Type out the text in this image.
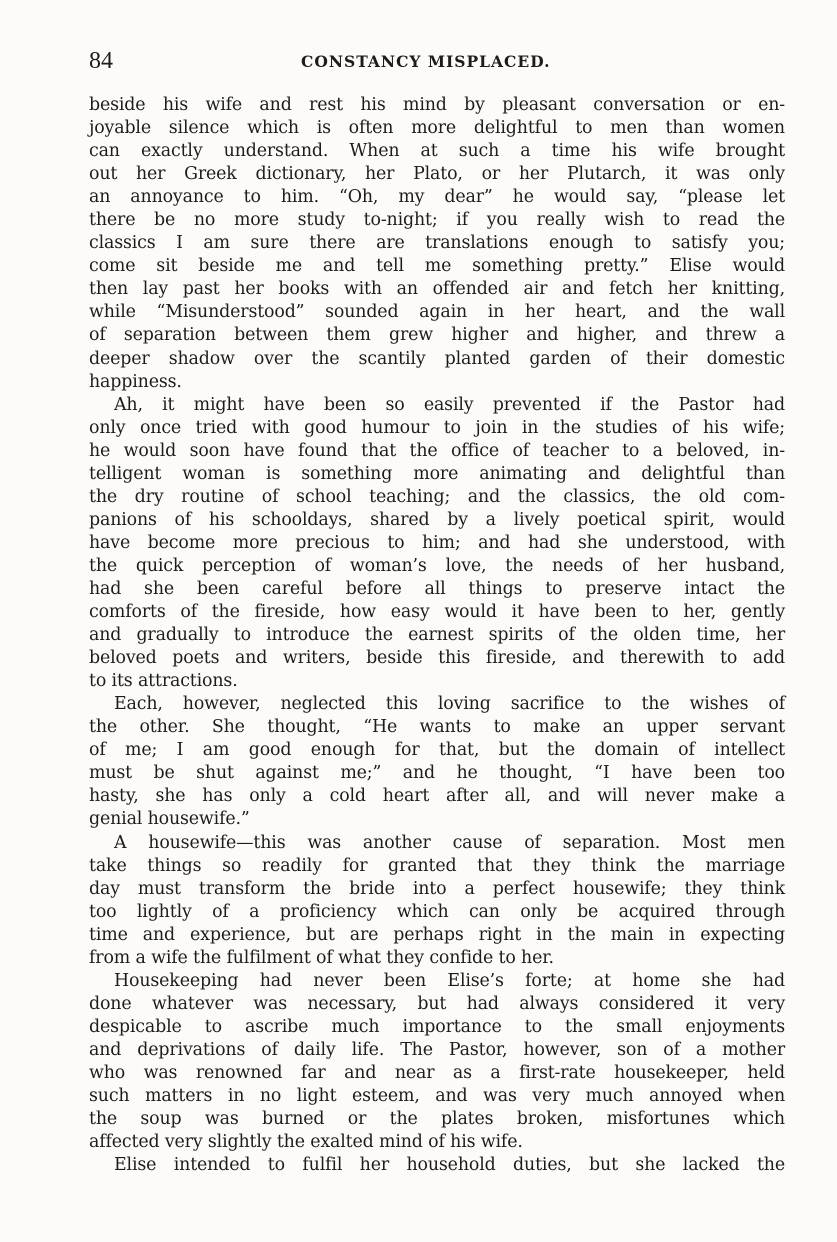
84	CONSTANCY MISPLACED.
beside his wife and rest his mind by pleasant conversation or en-
joyable silence which is often more delightful to men than women
can exactly understand. When at such a time his wife brought
out her Greek dictionary, her Plato, or her Plutarch, it was only
an annoyance to him. “Oh, my dear” he would say, “please let
there be no more study to-night; if you really wish to read the
classics I am sure there are translations enough to satisfy you;
come sit beside me and tell me something pretty.” Elise would
then lay past her books with an offended air and fetch her knitting,
while “Misunderstood” sounded again in her heart, and the wall
of separation between them grew higher and higher, and threw a
deeper shadow over the scantily planted garden of their domestic
happiness.
Ah, it might have been so easily prevented if the Pastor had
only once tried with good humour to join in the studies of his wife;
he would soon have found that the office of teacher to a beloved, in-
telligent woman is something more animating and delightful than
the dry routine of school teaching; and the classics, the old com-
panions of his schooldays, shared by a lively poetical spirit, would
have become more precious to him; and had she understood, with
the quick perception of woman’s love, the needs of her husband,
had she been careful before all things to preserve intact the
comforts of the fireside, how easy would it have been to her, gently
and gradually to introduce the earnest spirits of the olden time, her
beloved poets and writers, beside this fireside, and therewith to add
to its attractions.
Each, however, neglected this loving sacrifice to the wishes of
the other. She thought, “He wants to make an upper servant
of me; I am good enough for that, but the domain of intellect
must be shut against me;” and he thought, “I have been too
hasty, she has only a cold heart after all, and will never make a
genial housewife.”
A housewife—this was another cause of separation. Most men
take things so readily for granted that they think the marriage
day must transform the bride into a perfect housewife; they think
too lightly of a proficiency which can only be acquired through
time and experience, but are perhaps right in the main in expecting
from a wife the fulfilment of what they confide to her.
Housekeeping had never been Elise’s forte; at home she had
done whatever was necessary, but had always considered it very
despicable to ascribe much importance to the small enjoyments
and deprivations of daily life. The Pastor, however, son of a mother
who was renowned far and near as a first-rate housekeeper, held
such matters in no light esteem, and was very much annoyed when
the soup was burned or the plates broken, misfortunes which
affected very slightly the exalted mind of his wife.
Elise intended to fulfil her household duties, but she lacked the
